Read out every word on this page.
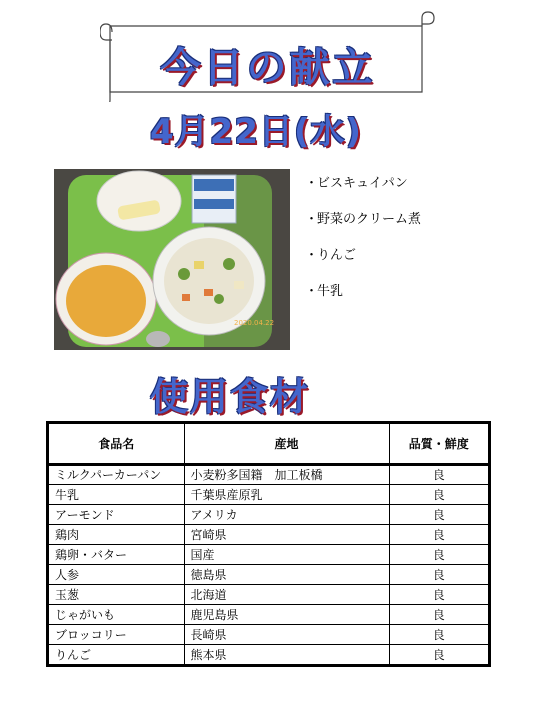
今日の献立
4月22日(水)
2020.04.22
・ビスキュイパン
・野菜のクリーム煮
・りんご
・牛乳
使用食材
食品名	産地	品質・鮮度
ミルクパーカーパン	小麦粉多国籍　加工板橋	良
牛乳	千葉県産原乳	良
アーモンド	アメリカ	良
鶏肉	宮崎県	良
鶏卵・バター	国産	良
人参	徳島県	良
玉葱	北海道	良
じゃがいも	鹿児島県	良
ブロッコリー	長崎県	良
りんご	熊本県	良
